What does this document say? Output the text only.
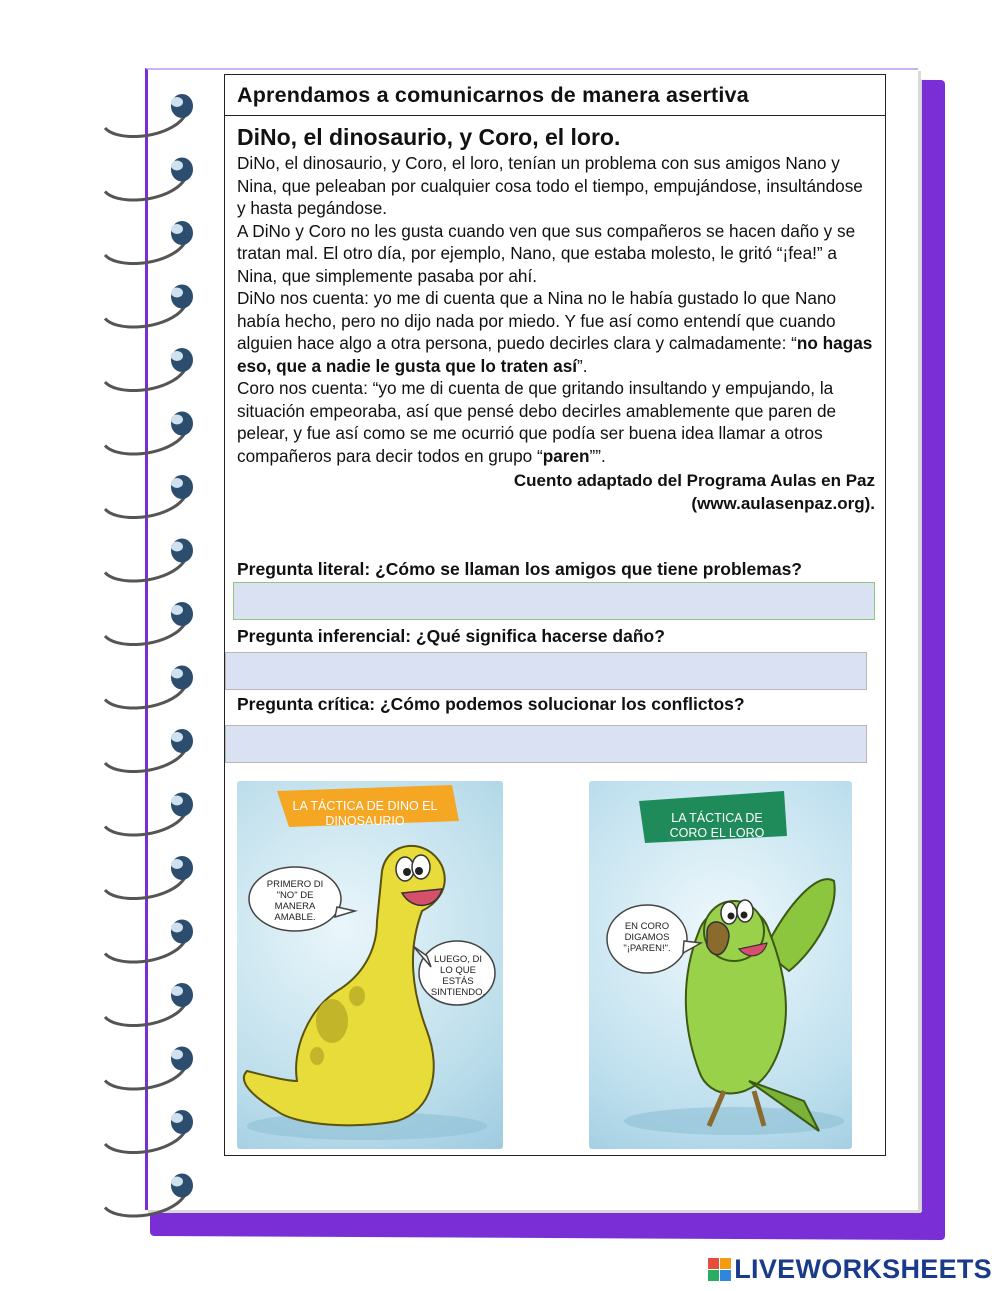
Aprendamos a comunicarnos de manera asertiva
DiNo, el dinosaurio, y Coro, el loro.

DiNo, el dinosaurio, y Coro, el loro, tenían un problema con sus amigos Nano y Nina, que peleaban por cualquier cosa todo el tiempo, empujándose, insultándose y hasta pegándose.

A DiNo y Coro no les gusta cuando ven que sus compañeros se hacen daño y se tratan mal. El otro día, por ejemplo, Nano, que estaba molesto, le gritó “¡fea!” a Nina, que simplemente pasaba por ahí.

DiNo nos cuenta: yo me di cuenta que a Nina no le había gustado lo que Nano había hecho, pero no dijo nada por miedo. Y fue así como entendí que cuando alguien hace algo a otra persona, puedo decirles clara y calmadamente: “no hagas eso, que a nadie le gusta que lo traten así”.

Coro nos cuenta: “yo me di cuenta de que gritando insultando y empujando, la situación empeoraba, así que pensé debo decirles amablemente que paren de pelear, y fue así como se me ocurrió que podía ser buena idea llamar a otros compañeros para decir todos en grupo “paren””.

Cuento adaptado del Programa Aulas en Paz
(www.aulasenpaz.org).
Pregunta literal: ¿Cómo se llaman los amigos que tiene problemas?
Pregunta inferencial: ¿Qué significa hacerse daño?
Pregunta crítica: ¿Cómo podemos solucionar los conflictos?
LA TÁCTICA DE DINO EL DINOSAURIO
PRIMERO DI "NO" DE MANERA AMABLE.
LUEGO, DI LO QUE ESTÁS SINTIENDO.
LA TÁCTICA DE CORO EL LORO
EN CORO DIGAMOS "¡PAREN!".
LIVEWORKSHEETS
